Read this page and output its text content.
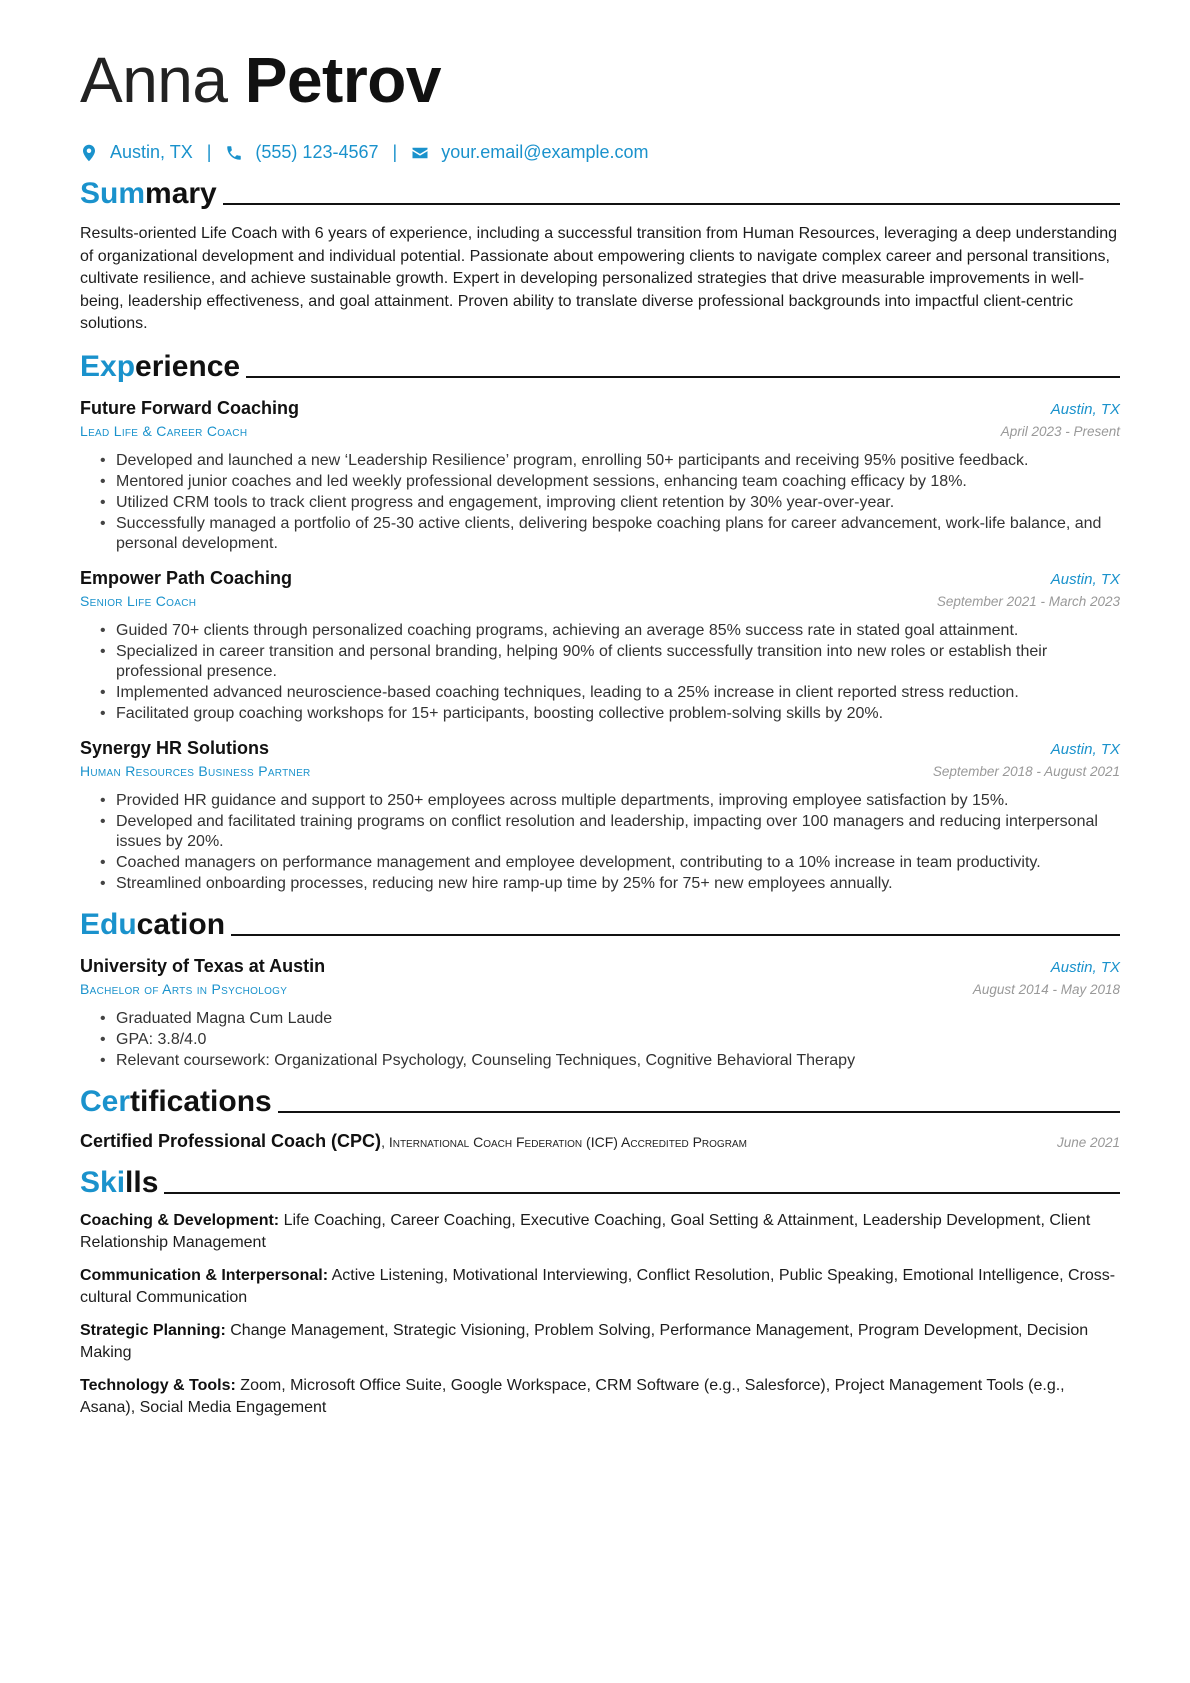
Anna Petrov
Austin, TX | (555) 123-4567 | your.email@example.com
Summary

Results-oriented Life Coach with 6 years of experience, including a successful transition from Human Resources, leveraging a deep understanding of organizational development and individual potential. Passionate about empowering clients to navigate complex career and personal transitions, cultivate resilience, and achieve sustainable growth. Expert in developing personalized strategies that drive measurable improvements in well-being, leadership effectiveness, and goal attainment. Proven ability to translate diverse professional backgrounds into impactful client-centric solutions.

Experience
Future Forward Coaching	Austin, TX
Lead Life & Career Coach	April 2023 - Present
• Developed and launched a new ‘Leadership Resilience’ program, enrolling 50+ participants and receiving 95% positive feedback.
• Mentored junior coaches and led weekly professional development sessions, enhancing team coaching efficacy by 18%.
• Utilized CRM tools to track client progress and engagement, improving client retention by 30% year-over-year.
• Successfully managed a portfolio of 25-30 active clients, delivering bespoke coaching plans for career advancement, work-life balance, and personal development.
Empower Path Coaching	Austin, TX
Senior Life Coach	September 2021 - March 2023
• Guided 70+ clients through personalized coaching programs, achieving an average 85% success rate in stated goal attainment.
• Specialized in career transition and personal branding, helping 90% of clients successfully transition into new roles or establish their professional presence.
• Implemented advanced neuroscience-based coaching techniques, leading to a 25% increase in client reported stress reduction.
• Facilitated group coaching workshops for 15+ participants, boosting collective problem-solving skills by 20%.
Synergy HR Solutions	Austin, TX
Human Resources Business Partner	September 2018 - August 2021
• Provided HR guidance and support to 250+ employees across multiple departments, improving employee satisfaction by 15%.
• Developed and facilitated training programs on conflict resolution and leadership, impacting over 100 managers and reducing interpersonal issues by 20%.
• Coached managers on performance management and employee development, contributing to a 10% increase in team productivity.
• Streamlined onboarding processes, reducing new hire ramp-up time by 25% for 75+ new employees annually.
Education
University of Texas at Austin	Austin, TX
Bachelor of Arts in Psychology	August 2014 - May 2018
• Graduated Magna Cum Laude
• GPA: 3.8/4.0
• Relevant coursework: Organizational Psychology, Counseling Techniques, Cognitive Behavioral Therapy
Certifications
Certified Professional Coach (CPC), International Coach Federation (ICF) Accredited Program	June 2021
Skills
Coaching & Development: Life Coaching, Career Coaching, Executive Coaching, Goal Setting & Attainment, Leadership Development, Client Relationship Management
Communication & Interpersonal: Active Listening, Motivational Interviewing, Conflict Resolution, Public Speaking, Emotional Intelligence, Cross-cultural Communication
Strategic Planning: Change Management, Strategic Visioning, Problem Solving, Performance Management, Program Development, Decision Making
Technology & Tools: Zoom, Microsoft Office Suite, Google Workspace, CRM Software (e.g., Salesforce), Project Management Tools (e.g., Asana), Social Media Engagement
